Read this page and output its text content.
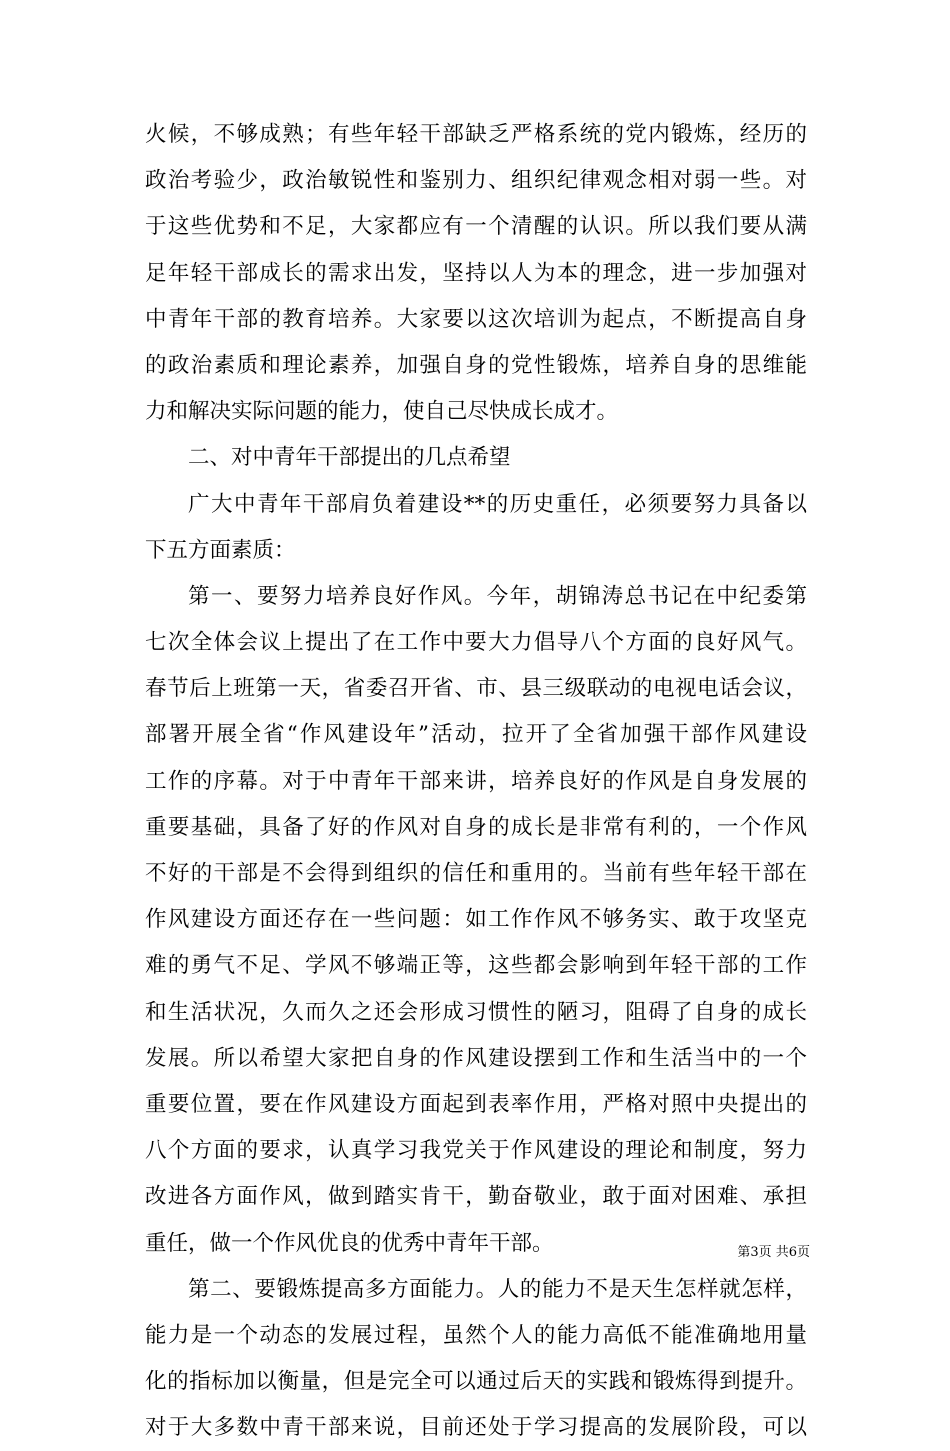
火候，不够成熟；有些年轻干部缺乏严格系统的党内锻炼，经历的
政治考验少，政治敏锐性和鉴别力、组织纪律观念相对弱一些。对
于这些优势和不足，大家都应有一个清醒的认识。所以我们要从满
足年轻干部成长的需求出发，坚持以人为本的理念，进一步加强对
中青年干部的教育培养。大家要以这次培训为起点，不断提高自身
的政治素质和理论素养，加强自身的党性锻炼，培养自身的思维能
力和解决实际问题的能力，使自己尽快成长成才。
二、对中青年干部提出的几点希望
广大中青年干部肩负着建设**的历史重任，必须要努力具备以
下五方面素质：
第一、要努力培养良好作风。今年，胡锦涛总书记在中纪委第
七次全体会议上提出了在工作中要大力倡导八个方面的良好风气。
春节后上班第一天，省委召开省、市、县三级联动的电视电话会议，
部署开展全省“作风建设年”活动，拉开了全省加强干部作风建设
工作的序幕。对于中青年干部来讲，培养良好的作风是自身发展的
重要基础，具备了好的作风对自身的成长是非常有利的，一个作风
不好的干部是不会得到组织的信任和重用的。当前有些年轻干部在
作风建设方面还存在一些问题：如工作作风不够务实、敢于攻坚克
难的勇气不足、学风不够端正等，这些都会影响到年轻干部的工作
和生活状况，久而久之还会形成习惯性的陋习，阻碍了自身的成长
发展。所以希望大家把自身的作风建设摆到工作和生活当中的一个
重要位置，要在作风建设方面起到表率作用，严格对照中央提出的
八个方面的要求，认真学习我党关于作风建设的理论和制度，努力
改进各方面作风，做到踏实肯干，勤奋敬业，敢于面对困难、承担
重任，做一个作风优良的优秀中青年干部。
第二、要锻炼提高多方面能力。人的能力不是天生怎样就怎样，
能力是一个动态的发展过程，虽然个人的能力高低不能准确地用量
化的指标加以衡量，但是完全可以通过后天的实践和锻炼得到提升。
对于大多数中青干部来说，目前还处于学习提高的发展阶段，可以
第3页 共6页
